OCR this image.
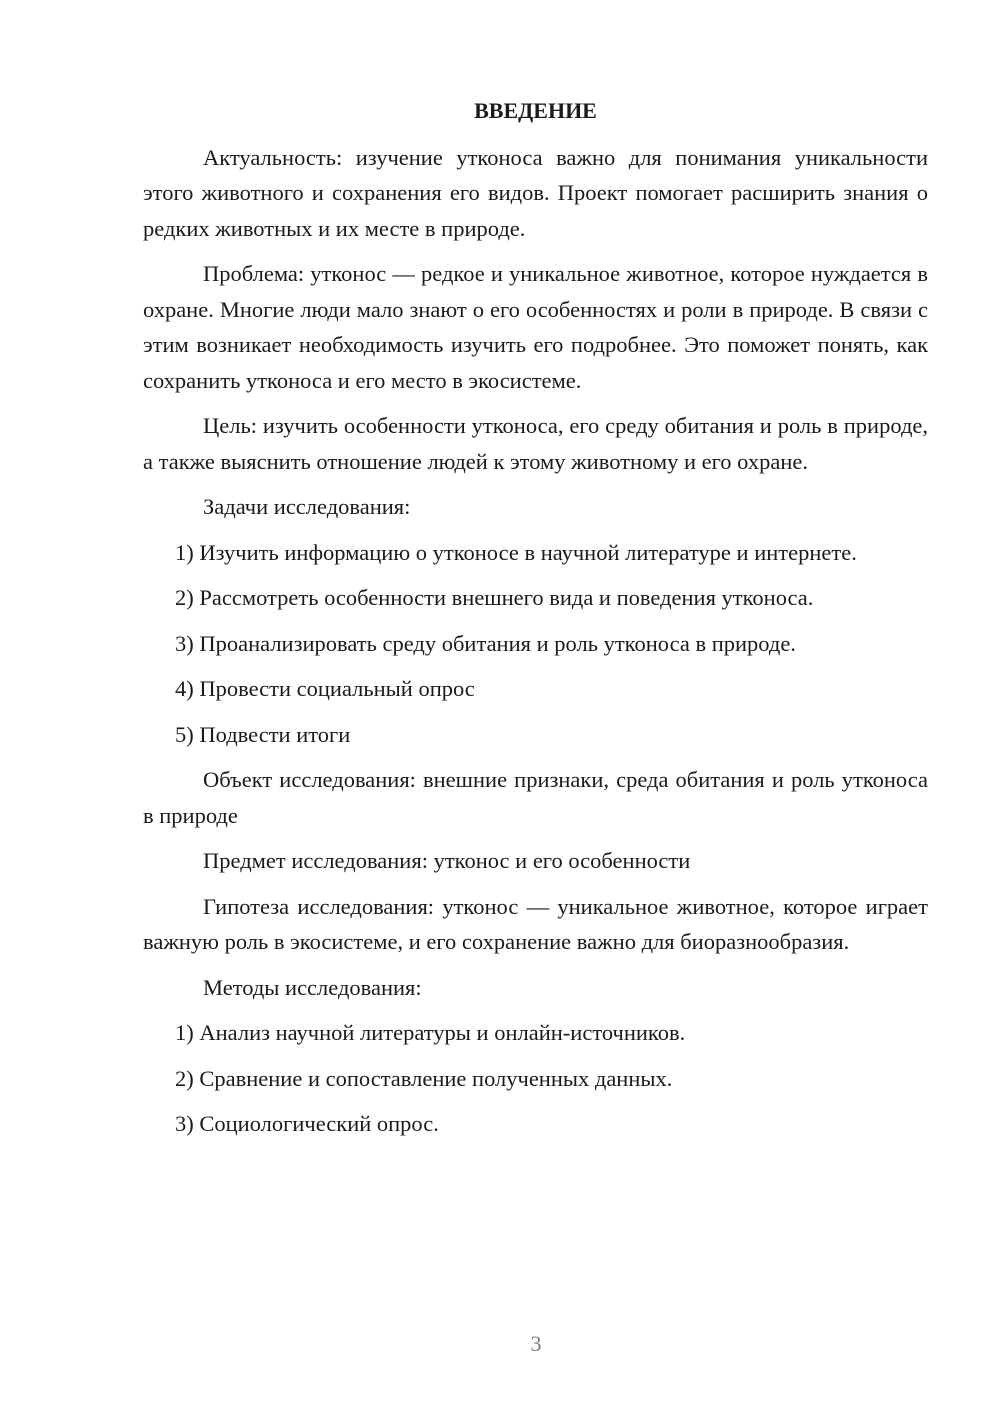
ВВЕДЕНИЕ

Актуальность: изучение утконоса важно для понимания уникальности этого животного и сохранения его видов. Проект помогает расширить знания о редких животных и их месте в природе.

Проблема: утконос — редкое и уникальное животное, которое нуждается в охране. Многие люди мало знают о его особенностях и роли в природе. В связи с этим возникает необходимость изучить его подробнее. Это поможет понять, как сохранить утконоса и его место в экосистеме.

Цель: изучить особенности утконоса, его среду обитания и роль в природе, а также выяснить отношение людей к этому животному и его охране.

Задачи исследования:

1) Изучить информацию о утконосе в научной литературе и интернете.

2) Рассмотреть особенности внешнего вида и поведения утконоса.

3) Проанализировать среду обитания и роль утконоса в природе.

4) Провести социальный опрос

5) Подвести итоги

Объект исследования: внешние признаки, среда обитания и роль утконоса в природе

Предмет исследования: утконос и его особенности

Гипотеза исследования: утконос — уникальное животное, которое играет важную роль в экосистеме, и его сохранение важно для биоразнообразия.

Методы исследования:

1) Анализ научной литературы и онлайн-источников.

2) Сравнение и сопоставление полученных данных.

3) Социологический опрос.

3
